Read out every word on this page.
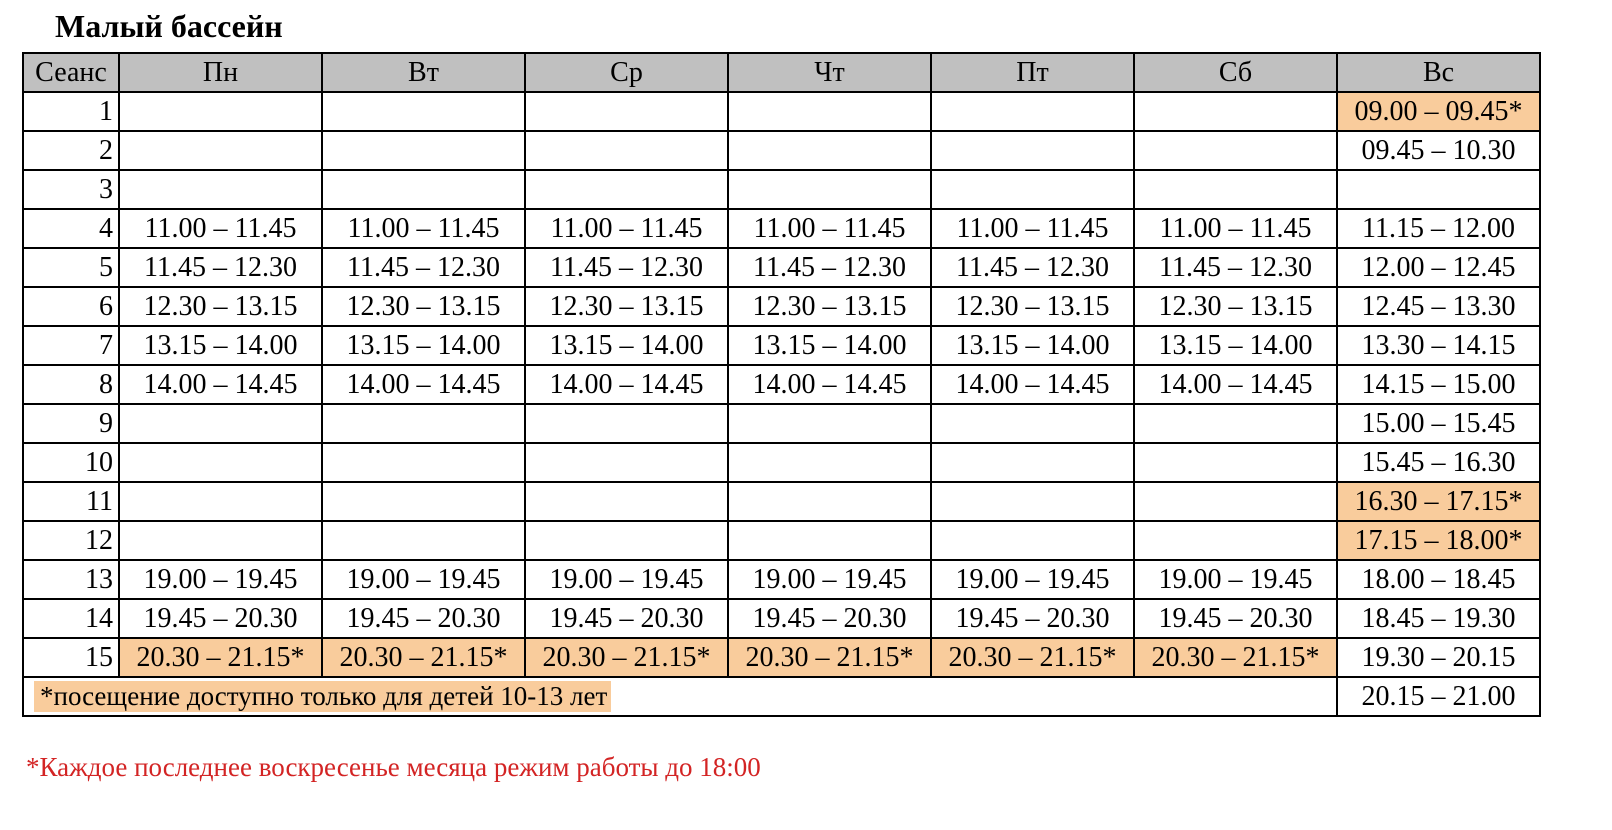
Малый бассейн
Сеанс	Пн	Вт	Ср	Чт	Пт	Сб	Вс
1							09.00 – 09.45*
2							09.45 – 10.30
3							
4	11.00 – 11.45	11.00 – 11.45	11.00 – 11.45	11.00 – 11.45	11.00 – 11.45	11.00 – 11.45	11.15 – 12.00
5	11.45 – 12.30	11.45 – 12.30	11.45 – 12.30	11.45 – 12.30	11.45 – 12.30	11.45 – 12.30	12.00 – 12.45
6	12.30 – 13.15	12.30 – 13.15	12.30 – 13.15	12.30 – 13.15	12.30 – 13.15	12.30 – 13.15	12.45 – 13.30
7	13.15 – 14.00	13.15 – 14.00	13.15 – 14.00	13.15 – 14.00	13.15 – 14.00	13.15 – 14.00	13.30 – 14.15
8	14.00 – 14.45	14.00 – 14.45	14.00 – 14.45	14.00 – 14.45	14.00 – 14.45	14.00 – 14.45	14.15 – 15.00
9							15.00 – 15.45
10							15.45 – 16.30
11							16.30 – 17.15*
12							17.15 – 18.00*
13	19.00 – 19.45	19.00 – 19.45	19.00 – 19.45	19.00 – 19.45	19.00 – 19.45	19.00 – 19.45	18.00 – 18.45
14	19.45 – 20.30	19.45 – 20.30	19.45 – 20.30	19.45 – 20.30	19.45 – 20.30	19.45 – 20.30	18.45 – 19.30
15	20.30 – 21.15*	20.30 – 21.15*	20.30 – 21.15*	20.30 – 21.15*	20.30 – 21.15*	20.30 – 21.15*	19.30 – 20.15
*посещение доступно только для детей 10-13 лет							20.15 – 21.00
*Каждое последнее воскресенье месяца режим работы до 18:00
